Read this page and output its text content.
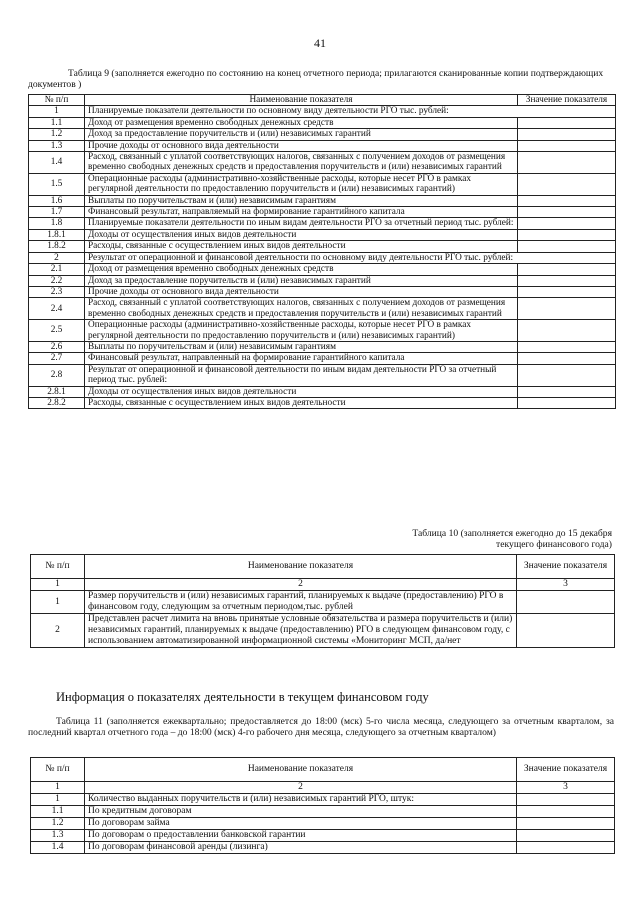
41
Таблица 9 (заполняется ежегодно по состоянию на конец отчетного периода; прилагаются сканированные копии подтверждающих документов )
№ п/п	Наименование показателя	Значение показателя
1	Планируемые показатели деятельности по основному виду деятельности РГО тыс. рублей:	
1.1	Доход от размещения временно свободных денежных средств	
1.2	Доход за предоставление поручительств и (или) независимых гарантий	
1.3	Прочие доходы от основного вида деятельности	
1.4	Расход, связанный с уплатой соответствующих налогов, связанных с получением доходов от размещения временно свободных денежных средств и предоставления поручительств и (или) независимых гарантий	
1.5	Операционные расходы (административно-хозяйственные расходы, которые несет РГО в рамках регулярной деятельности по предоставлению поручительств и (или) независимых гарантий)	
1.6	Выплаты по поручительствам и (или) независимым гарантиям	
1.7	Финансовый результат, направляемый на формирование гарантийного капитала	
1.8	Планируемые показатели деятельности по иным видам деятельности РГО за отчетный период тыс. рублей:	
1.8.1	Доходы от осуществления иных видов деятельности	
1.8.2	Расходы, связанные с осуществлением иных видов деятельности	
2	Результат от операционной и финансовой деятельности по основному виду деятельности РГО тыс. рублей:	
2.1	Доход от размещения временно свободных денежных средств	
2.2	Доход за предоставление поручительств и (или) независимых гарантий	
2.3	Прочие доходы от основного вида деятельности	
2.4	Расход, связанный с уплатой соответствующих налогов, связанных с получением доходов от размещения временно свободных денежных средств и предоставления поручительств и (или) независимых гарантий	
2.5	Операционные расходы (административно-хозяйственные расходы, которые несет РГО в рамках регулярной деятельности по предоставлению поручительств и (или) независимых гарантий)	
2.6	Выплаты по поручительствам и (или) независимым гарантиям	
2.7	Финансовый результат, направленный на формирование гарантийного капитала	
2.8	Результат от операционной и финансовой деятельности по иным видам деятельности РГО за отчетный период тыс. рублей:	
2.8.1	Доходы от осуществления иных видов деятельности	
2.8.2	Расходы, связанные с осуществлением иных видов деятельности	
Таблица 10 (заполняется ежегодно до 15 декабря
текущего финансового года)
№ п/п	Наименование показателя	Значение показателя
1	2	3
1	Размер поручительств и (или) независимых гарантий, планируемых к выдаче (предоставлению) РГО в финансовом году, следующим за отчетным периодом,тыс. рублей	
2	Представлен расчет лимита на вновь принятые условные обязательства и размера поручительств и (или) независимых гарантий, планируемых к выдаче (предоставлению) РГО в следующем финансовом году, с использованием автоматизированной информационной системы «Мониторинг МСП, да/нет	
Информация о показателях деятельности в текущем финансовом году
Таблица 11 (заполняется ежеквартально; предоставляется до 18:00 (мск) 5-го числа месяца, следующего за отчетным кварталом, за последний квартал отчетного года – до 18:00 (мск) 4-го рабочего дня месяца, следующего за отчетным кварталом)
№ п/п	Наименование показателя	Значение показателя
1	2	3
1	Количество выданных поручительств и (или) независимых гарантий РГО, штук:	
1.1	По кредитным договорам	
1.2	По договорам займа	
1.3	По договорам о предоставлении банковской гарантии	
1.4	По договорам финансовой аренды (лизинга)	
